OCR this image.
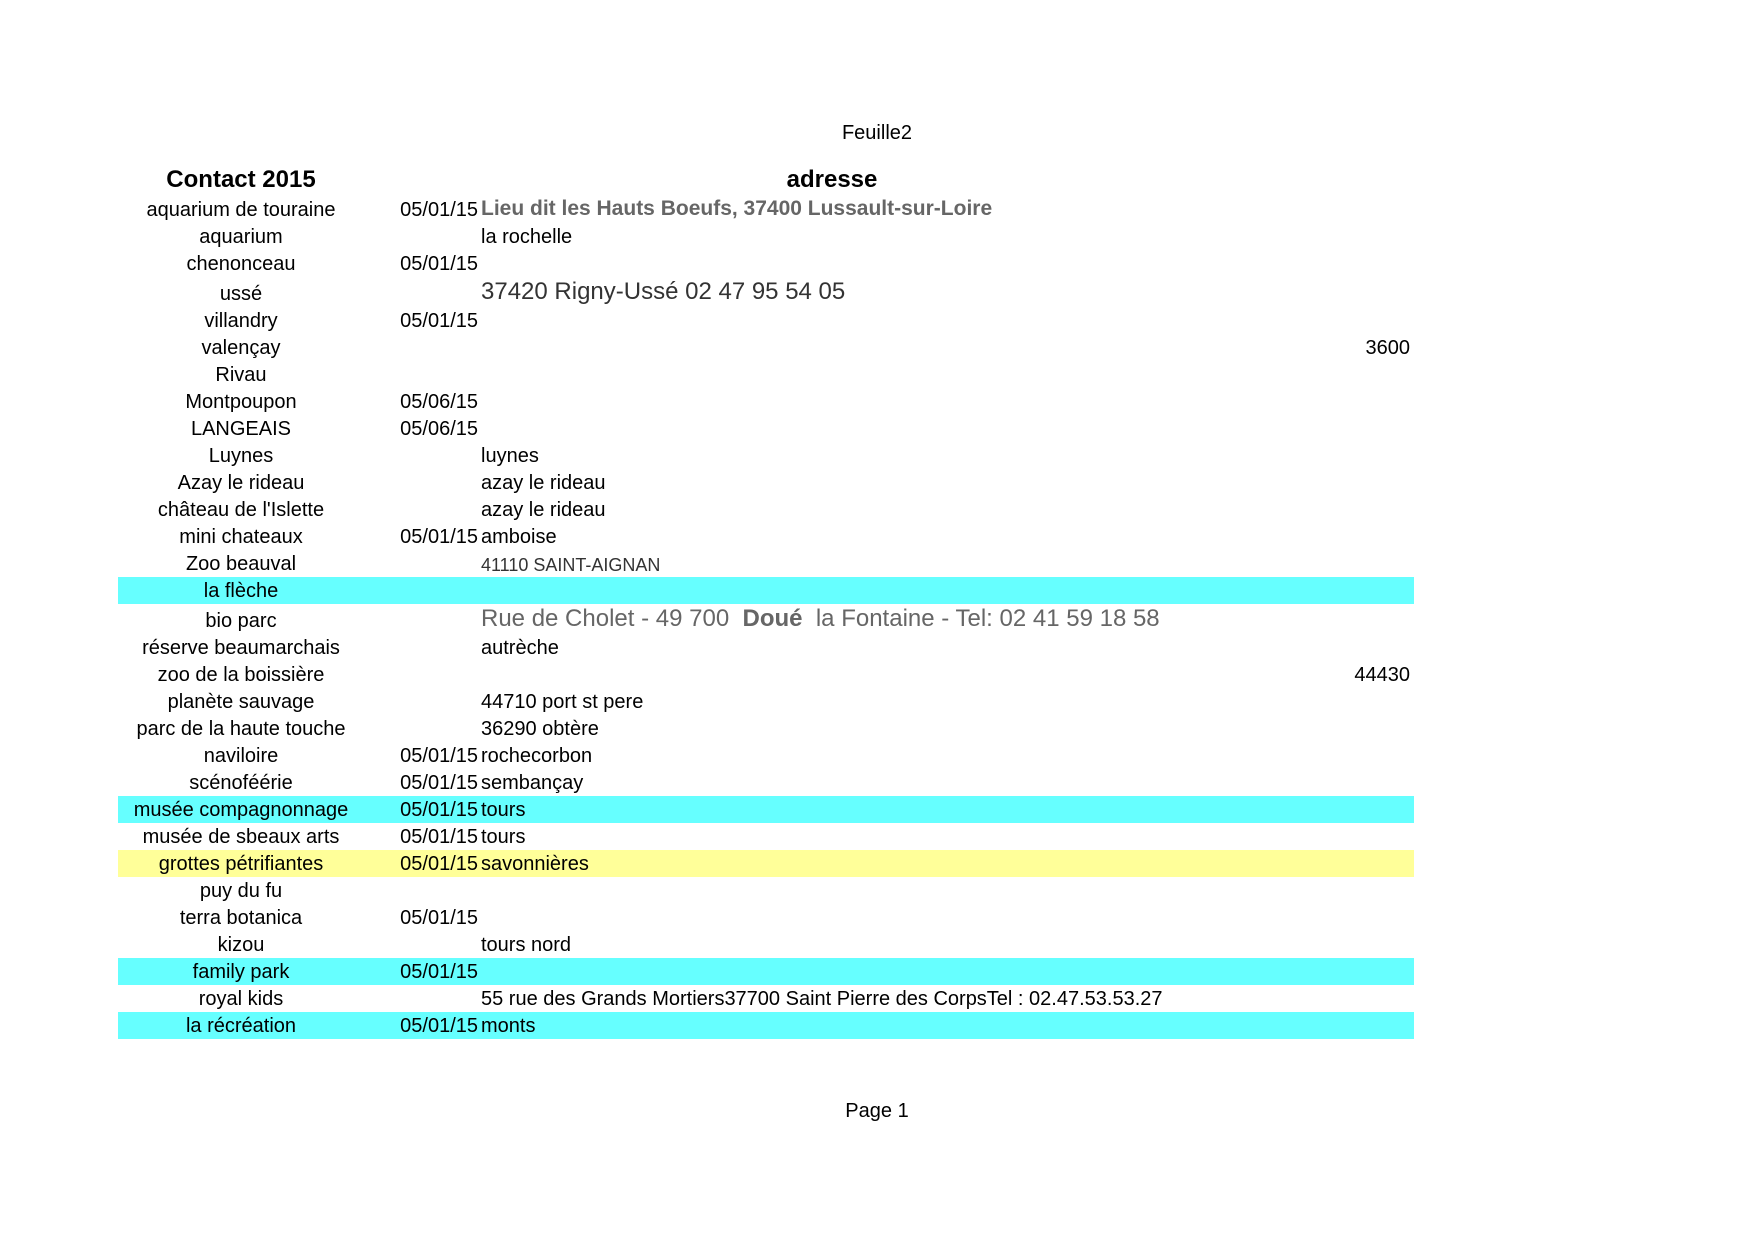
Feuille2
Contact 2015	adresse
aquarium de touraine	05/01/15 Lieu dit les Hauts Boeufs, 37400 Lussault-sur-Loire
aquarium	la rochelle
chenonceau	05/01/15
ussé	37420 Rigny-Ussé 02 47 95 54 05
villandry	05/01/15
valençay	3600
Rivau
Montpoupon	05/06/15
LANGEAIS	05/06/15
Luynes	luynes
Azay le rideau	azay le rideau
château de l'Islette	azay le rideau
mini chateaux	05/01/15 amboise
Zoo beauval	41110 SAINT-AIGNAN
la flèche
bio parc	Rue de Cholet - 49 700  Doué  la Fontaine - Tel: 02 41 59 18 58
réserve beaumarchais	autrèche
zoo de la boissière	44430
planète sauvage	44710 port st pere
parc de la haute touche	36290 obtère
naviloire	05/01/15 rochecorbon
scénoféérie	05/01/15 sembançay
musée compagnonnage	05/01/15 tours
musée de sbeaux arts	05/01/15 tours
grottes pétrifiantes	05/01/15 savonnières
puy du fu
terra botanica	05/01/15
kizou	tours nord
family park	05/01/15
royal kids	55 rue des Grands Mortiers37700 Saint Pierre des CorpsTel : 02.47.53.53.27
la récréation	05/01/15 monts
Page 1
